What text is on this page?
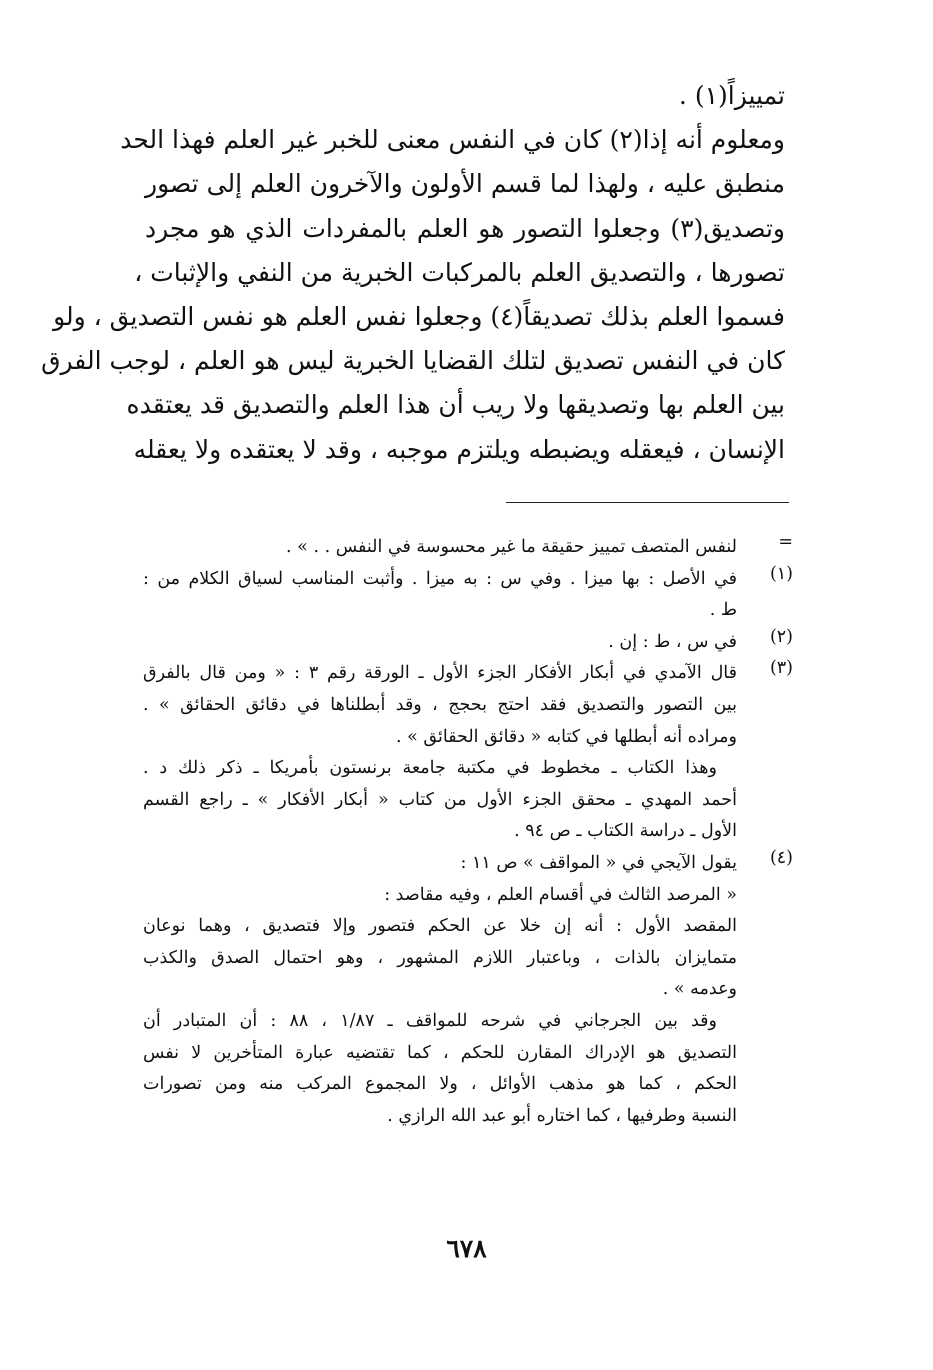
تمييزاً‪(‬١‪)‬ .
ومعلوم أنه إذا(٢) كان في النفس معنى للخبر غير العلم فهذا الحد
منطبق عليه ، ولهذا لما قسم الأولون والآخرون العلم إلى تصور
وتصديق(٣) وجعلوا التصور هو العلم بالمفردات الذي هو مجرد
تصورها ، والتصديق العلم بالمركبات الخبرية من النفي والإثبات ،
فسموا العلم بذلك تصديقاً(٤) وجعلوا نفس العلم هو نفس التصديق ، ولو
كان في النفس تصديق لتلك القضايا الخبرية ليس هو العلم ، لوجب الفرق
بين العلم بها وتصديقها ولا ريب أن هذا العلم والتصديق قد يعتقده
الإنسان ، فيعقله ويضبطه ويلتزم موجبه ، وقد لا يعتقده ولا يعقله
=
لنفس المتصف تمييز حقيقة ما غير محسوسة في النفس . . » .
(١)
في الأصل : بها ميزا . وفي س : به ميزا . وأثبت المناسب لسياق الكلام من :
ط .
(٢)
في س ، ط : إن .
(٣)
قال الآمدي في أبكار الأفكار الجزء الأول ـ الورقة رقم ٣ : « ومن قال بالفرق
بين التصور والتصديق فقد احتج بحجج ، وقد أبطلناها في دقائق الحقائق » .
ومراده أنه أبطلها في كتابه « دقائق الحقائق » .
وهذا الكتاب ـ مخطوط في مكتبة جامعة برنستون بأمريكا ـ ذكر ذلك د .
أحمد المهدي ـ محقق الجزء الأول من كتاب « أبكار الأفكار » ـ راجع القسم
الأول ـ دراسة الكتاب ـ ص ٩٤ .
(٤)
يقول الآيجي في « المواقف » ص ١١ :
« المرصد الثالث في أقسام العلم ، وفيه مقاصد :
المقصد الأول : أنه إن خلا عن الحكم فتصور وإلا فتصديق ، وهما نوعان
متمايزان بالذات ، وباعتبار اللازم المشهور ، وهو احتمال الصدق والكذب
وعدمه » .
وقد بين الجرجاني في شرحه للمواقف ـ ١/٨٧ ، ٨٨ : أن المتبادر أن
التصديق هو الإدراك المقارن للحكم ، كما تقتضيه عبارة المتأخرين لا نفس
الحكم ، كما هو مذهب الأوائل ، ولا المجموع المركب منه ومن تصورات
النسبة وطرفيها ، كما اختاره أبو عبد الله الرازي .
٦٧٨
